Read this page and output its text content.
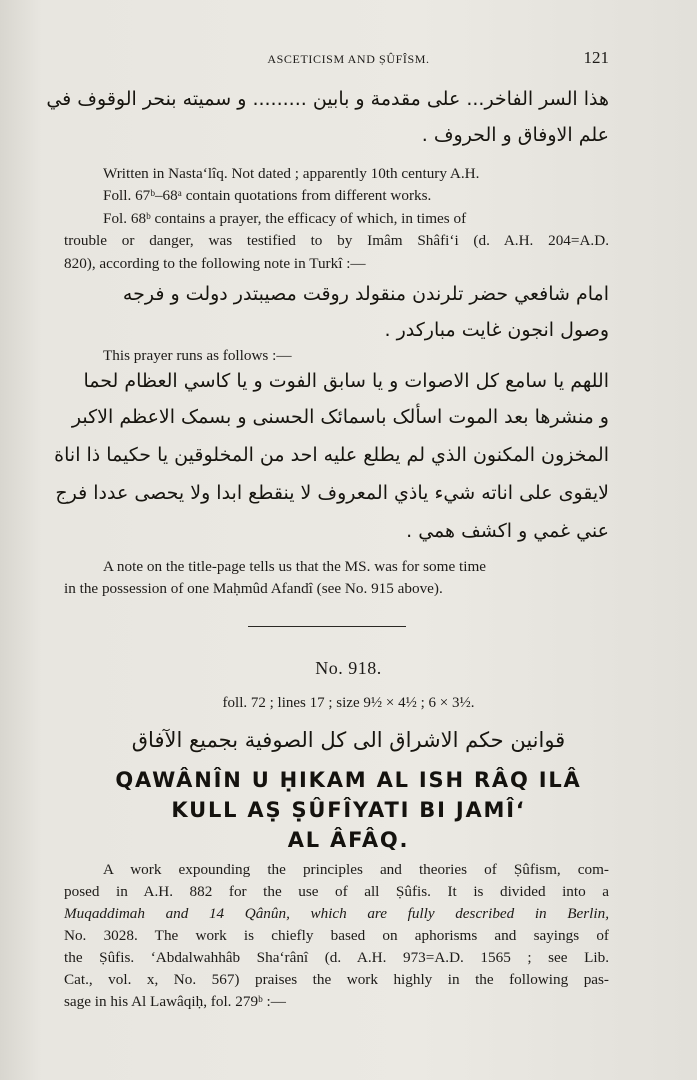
ASCETICISM AND ṢÛFÎSM.	121
هذا السر الفاخر... على مقدمة و بابين ......... و سميته بنحر الوقوف في
علم الاوفاق و الحروف .
Written in Nasta‘lîq. Not dated ; apparently 10th century A.H.
Foll. 67ᵇ–68ᵃ contain quotations from different works.
Fol. 68ᵇ contains a prayer, the efficacy of which, in times of
trouble or danger, was testified to by Imâm Shâfi‘i (d. A.H. 204=A.D.
820), according to the following note in Turkî :—
امام شافعي حضر تلرندن منقولد روقت مصيبتدر دولت و فرجه
وصول انجون غايت مباركدر .
This prayer runs as follows :—
اللهم يا سامع كل الاصوات و يا سابق الفوت و يا كاسي العظام لحما
و منشرها بعد الموت اسألک باسمائک الحسنى و بسمک الاعظم الاكبر
المخزون المكنون الذي لم يطلع عليه احد من المخلوقين يا حكيما ذا اناة
لايقوى على اناته شيء ياذي المعروف لا ينقطع ابدا ولا يحصى عددا فرج
عني غمي و اكشف همي .
A note on the title-page tells us that the MS. was for some time
in the possession of one Maḥmûd Afandî (see No. 915 above).
No. 918.
foll. 72 ; lines 17 ; size 9½ × 4½ ; 6 × 3½.
قوانين حكم الاشراق الى كل الصوفية بجميع الآفاق
QAWÂNÎN U ḤIKAM AL ISH RÂQ ILÂ
KULL AṢ ṢÛFÎYATI BI JAMÎ‘
AL ÂFÂQ.
A work expounding the principles and theories of Ṣûfism, com-
posed in A.H. 882 for the use of all Ṣûfis. It is divided into a
Muqaddimah and 14 Qânûn, which are fully described in Berlin,
No. 3028. The work is chiefly based on aphorisms and sayings of
the Ṣûfis. ‘Abdalwahhâb Sha‘rânî (d. A.H. 973=A.D. 1565 ; see Lib.
Cat., vol. x, No. 567) praises the work highly in the following pas-
sage in his Al Lawâqiḥ, fol. 279ᵇ :—
